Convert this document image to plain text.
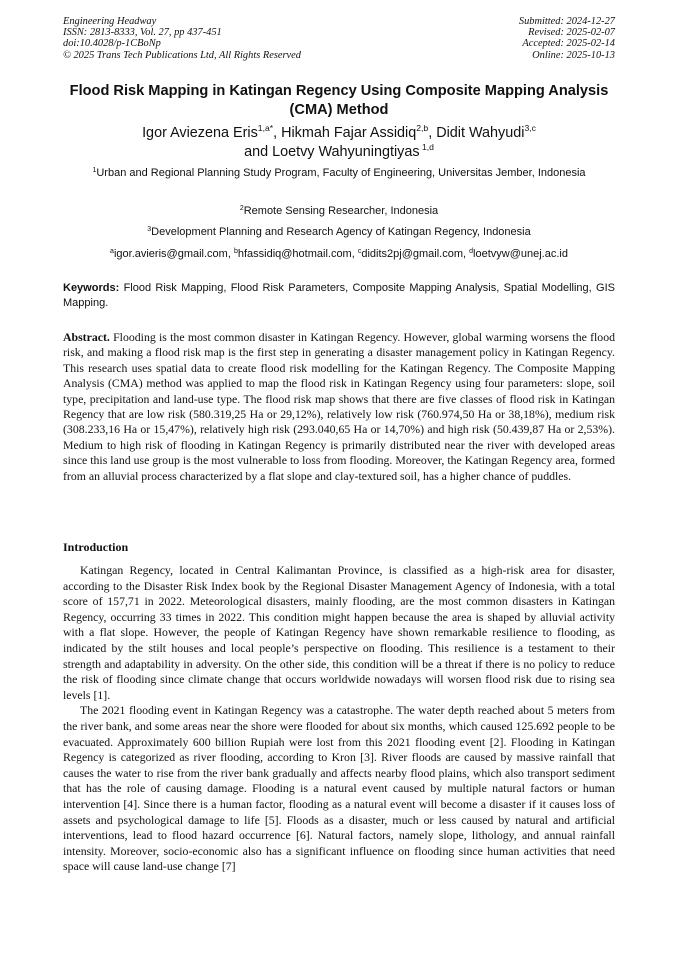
Engineering Headway
ISSN: 2813-8333, Vol. 27, pp 437-451
doi:10.4028/p-1CBoNp
© 2025 Trans Tech Publications Ltd, All Rights Reserved
Submitted: 2024-12-27
Revised: 2025-02-07
Accepted: 2025-02-14
Online: 2025-10-13
Flood Risk Mapping in Katingan Regency Using Composite Mapping Analysis (CMA) Method
Igor Aviezena Eris$^{1,a*}$, Hikmah Fajar Assidiq$^{2,b}$, Didit Wahyudi$^{3,c}$
and Loetvy Wahyuningtiyas $^{1,d}$
$^1$Urban and Regional Planning Study Program, Faculty of Engineering, Universitas Jember, Indonesia
$^2$Remote Sensing Researcher, Indonesia
$^3$Development Planning and Research Agency of Katingan Regency, Indonesia
$^a$igor.avieris@gmail.com, $^b$hfassidiq@hotmail.com, $^c$didits2pj@gmail.com, $^d$loetvyw@unej.ac.id
Keywords: Flood Risk Mapping, Flood Risk Parameters, Composite Mapping Analysis, Spatial Modelling, GIS Mapping.
Abstract. Flooding is the most common disaster in Katingan Regency. However, global warming worsens the flood risk, and making a flood risk map is the first step in generating a disaster management policy in Katingan Regency. This research uses spatial data to create flood risk modelling for the Katingan Regency. The Composite Mapping Analysis (CMA) method was applied to map the flood risk in Katingan Regency using four parameters: slope, soil type, precipitation and land-use type. The flood risk map shows that there are five classes of flood risk in Katingan Regency that are low risk (580.319,25 Ha or 29,12%), relatively low risk (760.974,50 Ha or 38,18%), medium risk (308.233,16 Ha or 15,47%), relatively high risk (293.040,65 Ha or 14,70%) and high risk (50.439,87 Ha or 2,53%). Medium to high risk of flooding in Katingan Regency is primarily distributed near the river with developed areas since this land use group is the most vulnerable to loss from flooding. Moreover, the Katingan Regency area, formed from an alluvial process characterized by a flat slope and clay-textured soil, has a higher chance of puddles.
Introduction

Katingan Regency, located in Central Kalimantan Province, is classified as a high-risk area for disaster, according to the Disaster Risk Index book by the Regional Disaster Management Agency of Indonesia, with a total score of 157,71 in 2022. Meteorological disasters, mainly flooding, are the most common disasters in Katingan Regency, occurring 33 times in 2022. This condition might happen because the area is shaped by alluvial activity with a flat slope. However, the people of Katingan Regency have shown remarkable resilience to flooding, as indicated by the stilt houses and local people’s perspective on flooding. This resilience is a testament to their strength and adaptability in adversity. On the other side, this condition will be a threat if there is no policy to reduce the risk of flooding since climate change that occurs worldwide nowadays will worsen flood risk due to rising sea levels [1].

The 2021 flooding event in Katingan Regency was a catastrophe. The water depth reached about 5 meters from the river bank, and some areas near the shore were flooded for about six months, which caused 125.692 people to be evacuated. Approximately 600 billion Rupiah were lost from this 2021 flooding event [2]. Flooding in Katingan Regency is categorized as river flooding, according to Kron [3]. River floods are caused by massive rainfall that causes the water to rise from the river bank gradually and affects nearby flood plains, which also transport sediment that has the role of causing damage. Flooding is a natural event caused by multiple natural factors or human intervention [4]. Since there is a human factor, flooding as a natural event will become a disaster if it causes loss of assets and psychological damage to life [5]. Floods as a disaster, much or less caused by natural and artificial interventions, lead to flood hazard occurrence [6]. Natural factors, namely slope, lithology, and annual rainfall intensity. Moreover, socio-economic also has a significant influence on flooding since human activities that need space will cause land-use change [7]
